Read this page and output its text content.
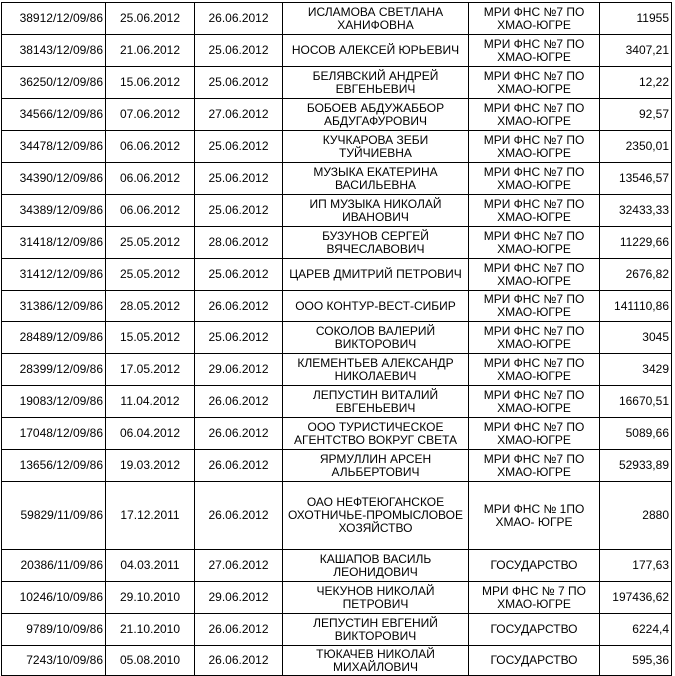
38912/12/09/86	25.06.2012	26.06.2012	ИСЛАМОВА СВЕТЛАНА ХАНИФОВНА	МРИ ФНС №7 ПО ХМАО-ЮГРЕ	11955
38143/12/09/86	21.06.2012	25.06.2012	НОСОВ АЛЕКСЕЙ ЮРЬЕВИЧ	МРИ ФНС №7 ПО ХМАО-ЮГРЕ	3407,21
36250/12/09/86	15.06.2012	25.06.2012	БЕЛЯВСКИЙ АНДРЕЙ ЕВГЕНЬЕВИЧ	МРИ ФНС №7 ПО ХМАО-ЮГРЕ	12,22
34566/12/09/86	07.06.2012	27.06.2012	БОБОЕВ АБДУЖАББОР АБДУГАФУРОВИЧ	МРИ ФНС №7 ПО ХМАО-ЮГРЕ	92,57
34478/12/09/86	06.06.2012	25.06.2012	КУЧКАРОВА ЗЕБИ ТУЙЧИЕВНА	МРИ ФНС №7 ПО ХМАО-ЮГРЕ	2350,01
34390/12/09/86	06.06.2012	25.06.2012	МУЗЫКА ЕКАТЕРИНА ВАСИЛЬЕВНА	МРИ ФНС №7 ПО ХМАО-ЮГРЕ	13546,57
34389/12/09/86	06.06.2012	25.06.2012	ИП МУЗЫКА НИКОЛАЙ ИВАНОВИЧ	МРИ ФНС №7 ПО ХМАО-ЮГРЕ	32433,33
31418/12/09/86	25.05.2012	28.06.2012	БУЗУНОВ СЕРГЕЙ ВЯЧЕСЛАВОВИЧ	МРИ ФНС №7 ПО ХМАО-ЮГРЕ	11229,66
31412/12/09/86	25.05.2012	25.06.2012	ЦАРЕВ ДМИТРИЙ ПЕТРОВИЧ	МРИ ФНС №7 ПО ХМАО-ЮГРЕ	2676,82
31386/12/09/86	28.05.2012	26.06.2012	ООО КОНТУР-ВЕСТ-СИБИР	МРИ ФНС №7 ПО ХМАО-ЮГРЕ	141110,86
28489/12/09/86	15.05.2012	25.06.2012	СОКОЛОВ ВАЛЕРИЙ ВИКТОРОВИЧ	МРИ ФНС №7 ПО ХМАО-ЮГРЕ	3045
28399/12/09/86	17.05.2012	29.06.2012	КЛЕМЕНТЬЕВ АЛЕКСАНДР НИКОЛАЕВИЧ	МРИ ФНС №7 ПО ХМАО-ЮГРЕ	3429
19083/12/09/86	11.04.2012	26.06.2012	ЛЕПУСТИН ВИТАЛИЙ ЕВГЕНЬЕВИЧ	МРИ ФНС №7 ПО ХМАО-ЮГРЕ	16670,51
17048/12/09/86	06.04.2012	26.06.2012	ООО ТУРИСТИЧЕСКОЕ АГЕНТСТВО ВОКРУГ СВЕТА	МРИ ФНС №7 ПО ХМАО-ЮГРЕ	5089,66
13656/12/09/86	19.03.2012	26.06.2012	ЯРМУЛЛИН АРСЕН АЛЬБЕРТОВИЧ	МРИ ФНС №7 ПО ХМАО-ЮГРЕ	52933,89
59829/11/09/86	17.12.2011	26.06.2012	ОАО НЕФТЕЮГАНСКОЕ ОХОТНИЧЬЕ-ПРОМЫСЛОВОЕ ХОЗЯЙСТВО	МРИ ФНС № 1ПО ХМАО- ЮГРЕ	2880
20386/11/09/86	04.03.2011	27.06.2012	КАШАПОВ ВАСИЛЬ ЛЕОНИДОВИЧ	ГОСУДАРСТВО	177,63
10246/10/09/86	29.10.2010	29.06.2012	ЧЕКУНОВ НИКОЛАЙ ПЕТРОВИЧ	МРИ ФНС № 7 ПО ХМАО-ЮГРЕ	197436,62
9789/10/09/86	21.10.2010	26.06.2012	ЛЕПУСТИН ЕВГЕНИЙ ВИКТОРОВИЧ	ГОСУДАРСТВО	6224,4
7243/10/09/86	05.08.2010	26.06.2012	ТЮКАЧЕВ НИКОЛАЙ МИХАЙЛОВИЧ	ГОСУДАРСТВО	595,36
